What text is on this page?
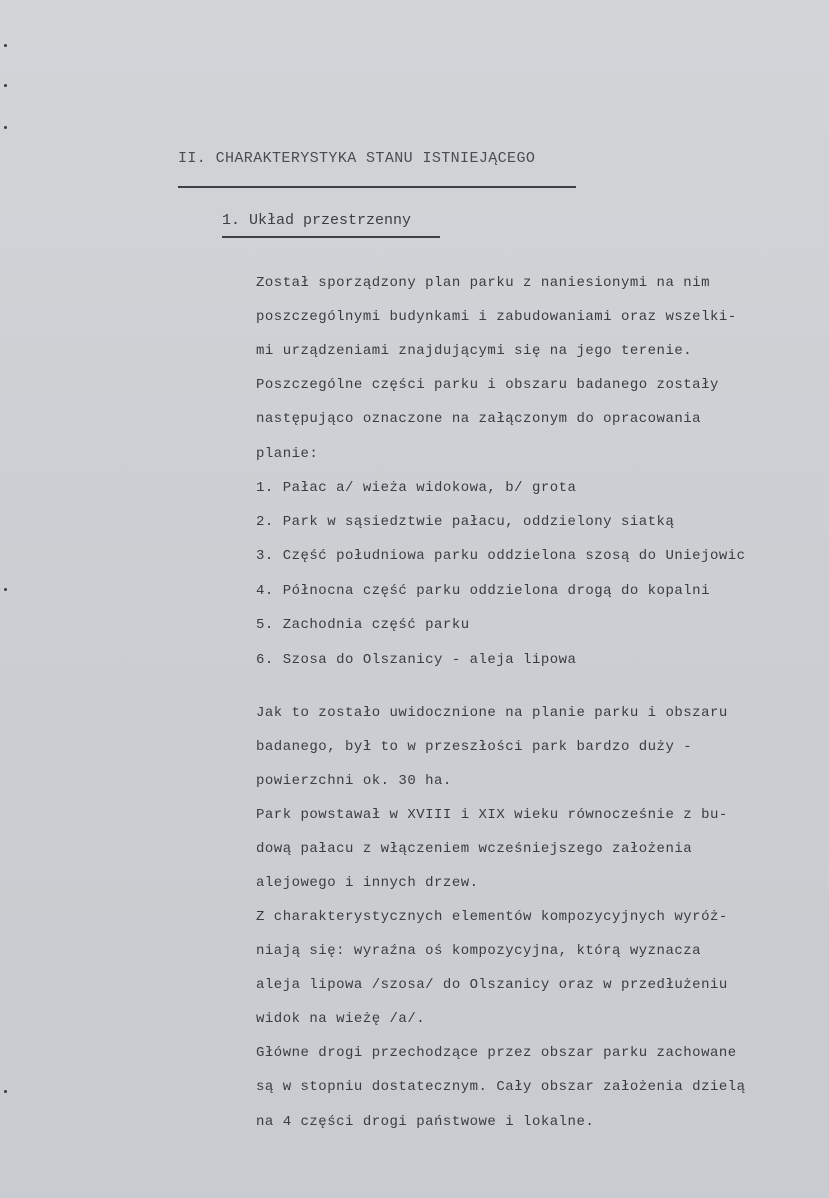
II. CHARAKTERYSTYKA STANU ISTNIEJĄCEGO
1. Układ przestrzenny
Został sporządzony plan parku z naniesionymi na nim
poszczególnymi budynkami i zabudowaniami oraz wszelki-
mi urządzeniami znajdującymi się na jego terenie.
Poszczególne części parku i obszaru badanego zostały
następująco oznaczone na załączonym do opracowania
planie:
1. Pałac a/ wieża widokowa, b/ grota
2. Park w sąsiedztwie pałacu, oddzielony siatką
3. Część południowa parku oddzielona szosą do Uniejowic
4. Północna część parku oddzielona drogą do kopalni
5. Zachodnia część parku
6. Szosa do Olszanicy - aleja lipowa
Jak to zostało uwidocznione na planie parku i obszaru
badanego, był to w przeszłości park bardzo duży -
powierzchni ok. 30 ha.
Park powstawał w XVIII i XIX wieku równocześnie z bu-
dową pałacu z włączeniem wcześniejszego założenia
alejowego i innych drzew.
Z charakterystycznych elementów kompozycyjnych wyróż-
niają się: wyraźna oś kompozycyjna, którą wyznacza
aleja lipowa /szosa/ do Olszanicy oraz w przedłużeniu
widok na wieżę /a/.
Główne drogi przechodzące przez obszar parku zachowane
są w stopniu dostatecznym. Cały obszar założenia dzielą
na 4 części drogi państwowe i lokalne.
